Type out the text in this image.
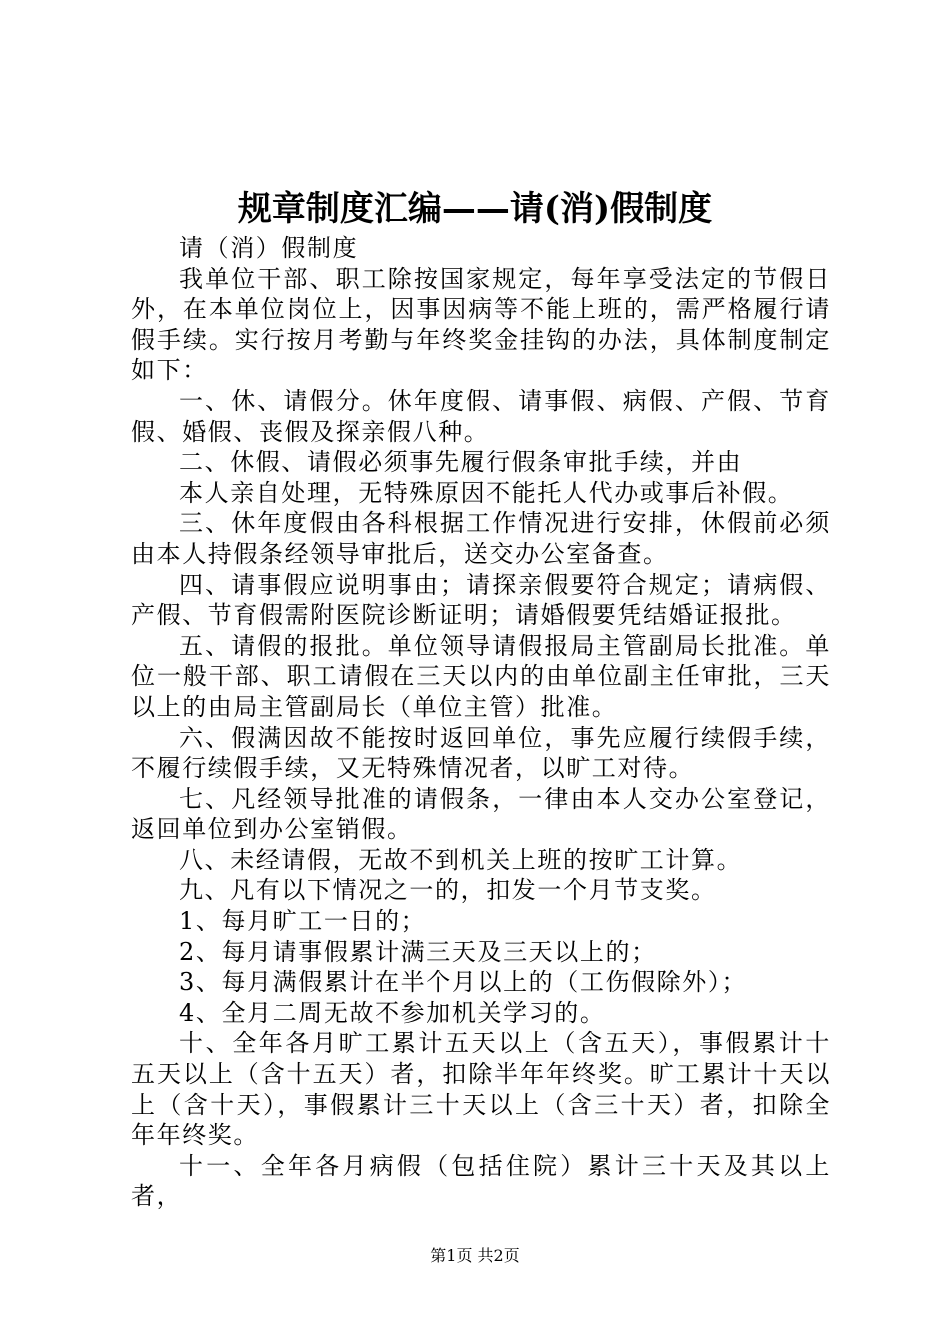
规章制度汇编——请(消)假制度

请（消）假制度

我单位干部、职工除按国家规定，每年享受法定的节假日外，在本单位岗位上，因事因病等不能上班的，需严格履行请假手续。实行按月考勤与年终奖金挂钩的办法，具体制度制定如下：

一、休、请假分。休年度假、请事假、病假、产假、节育假、婚假、丧假及探亲假八种。

二、休假、请假必须事先履行假条审批手续，并由

本人亲自处理，无特殊原因不能托人代办或事后补假。

三、休年度假由各科根据工作情况进行安排，休假前必须由本人持假条经领导审批后，送交办公室备查。

四、请事假应说明事由；请探亲假要符合规定；请病假、产假、节育假需附医院诊断证明；请婚假要凭结婚证报批。

五、请假的报批。单位领导请假报局主管副局长批准。单位一般干部、职工请假在三天以内的由单位副主任审批，三天以上的由局主管副局长（单位主管）批准。

六、假满因故不能按时返回单位，事先应履行续假手续，不履行续假手续，又无特殊情况者，以旷工对待。

七、凡经领导批准的请假条，一律由本人交办公室登记，返回单位到办公室销假。

八、未经请假，无故不到机关上班的按旷工计算。

九、凡有以下情况之一的，扣发一个月节支奖。

1、每月旷工一日的；

2、每月请事假累计满三天及三天以上的；

3、每月满假累计在半个月以上的（工伤假除外）；

4、全月二周无故不参加机关学习的。

十、全年各月旷工累计五天以上（含五天），事假累计十五天以上（含十五天）者，扣除半年年终奖。旷工累计十天以上（含十天），事假累计三十天以上（含三十天）者，扣除全年年终奖。

十一、全年各月病假（包括住院）累计三十天及其以上者，

第1页 共2页
